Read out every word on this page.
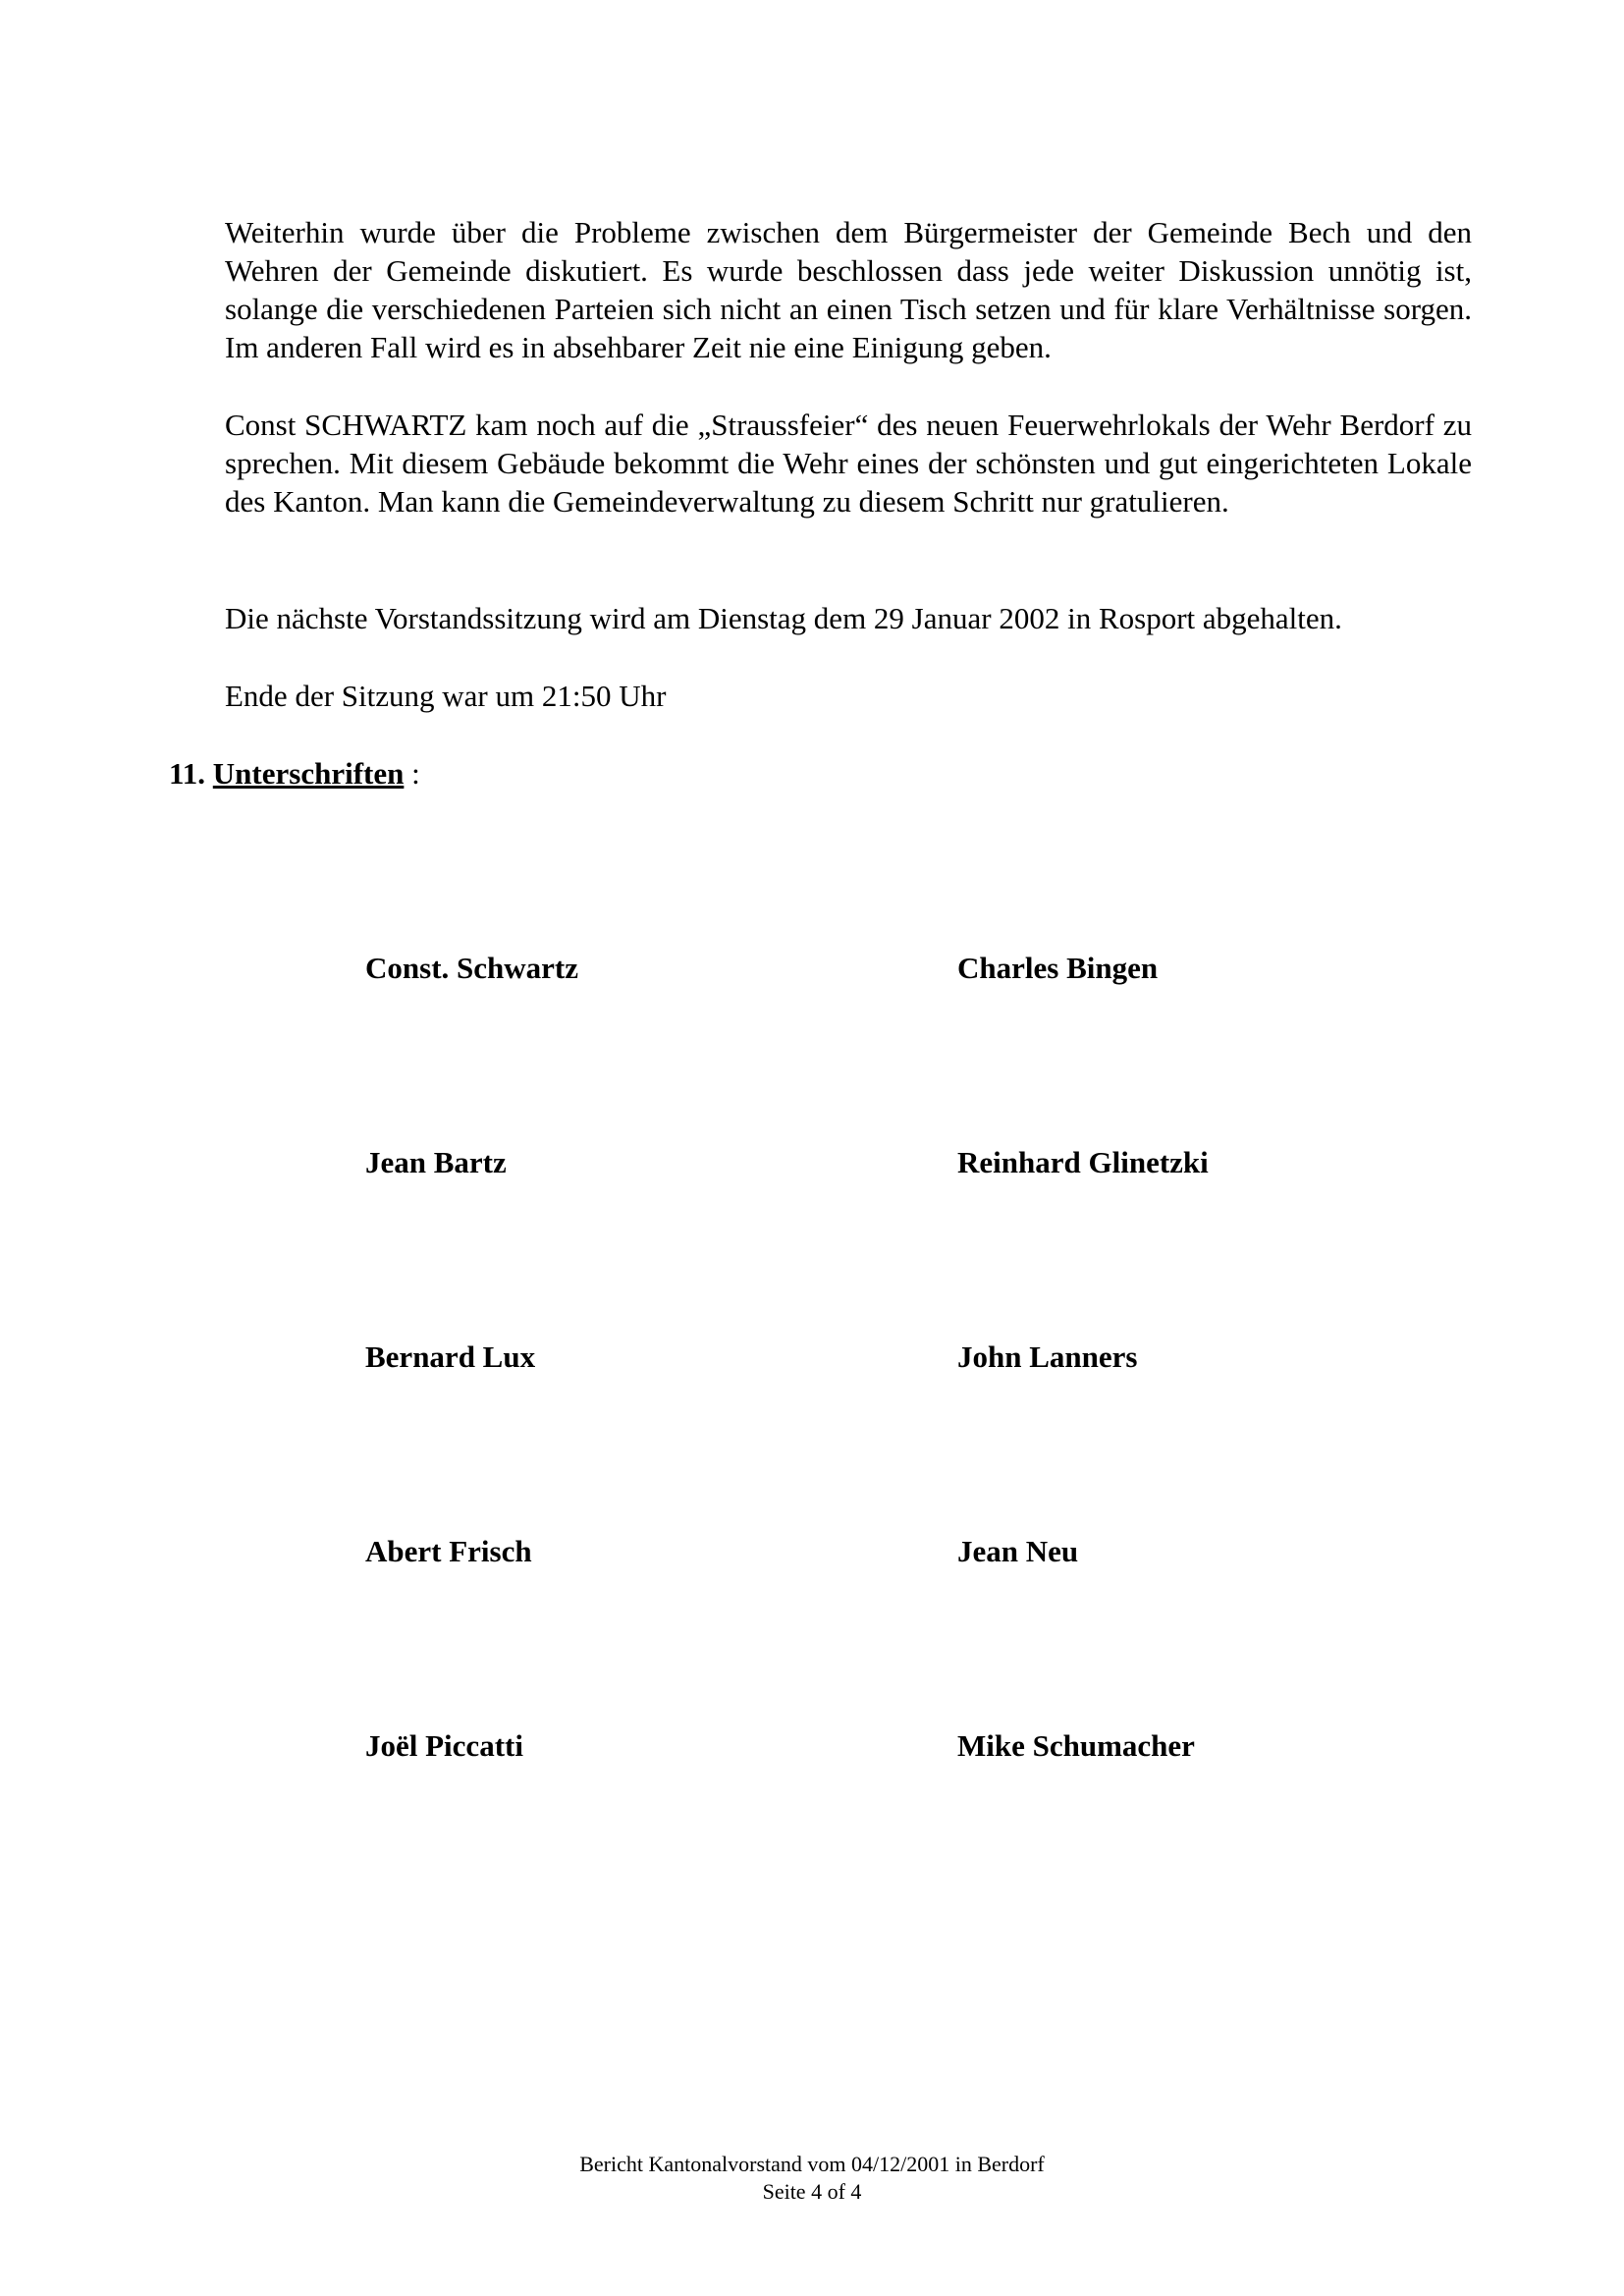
Weiterhin wurde über die Probleme zwischen dem Bürgermeister der Gemeinde Bech und den Wehren der Gemeinde diskutiert. Es wurde beschlossen dass jede weiter Diskussion unnötig ist, solange die verschiedenen Parteien sich nicht an einen Tisch setzen und für klare Verhältnisse sorgen. Im anderen Fall wird es in absehbarer Zeit nie eine Einigung geben.

Const SCHWARTZ kam noch auf die „Straussfeier“ des neuen Feuerwehrlokals der Wehr Berdorf zu sprechen. Mit diesem Gebäude bekommt die Wehr eines der schönsten und gut eingerichteten Lokale des Kanton. Man kann die Gemeindeverwaltung zu diesem Schritt nur gratulieren.

Die nächste Vorstandssitzung wird am Dienstag dem 29 Januar 2002 in Rosport abgehalten.

Ende der Sitzung war um 21:50 Uhr

11. Unterschriften :

Const. Schwartz	Charles Bingen

Jean Bartz	Reinhard Glinetzki

Bernard Lux	John Lanners

Abert Frisch	Jean Neu

Joël Piccatti	Mike Schumacher

Bericht Kantonalvorstand vom 04/12/2001 in Berdorf

Seite 4 of 4
